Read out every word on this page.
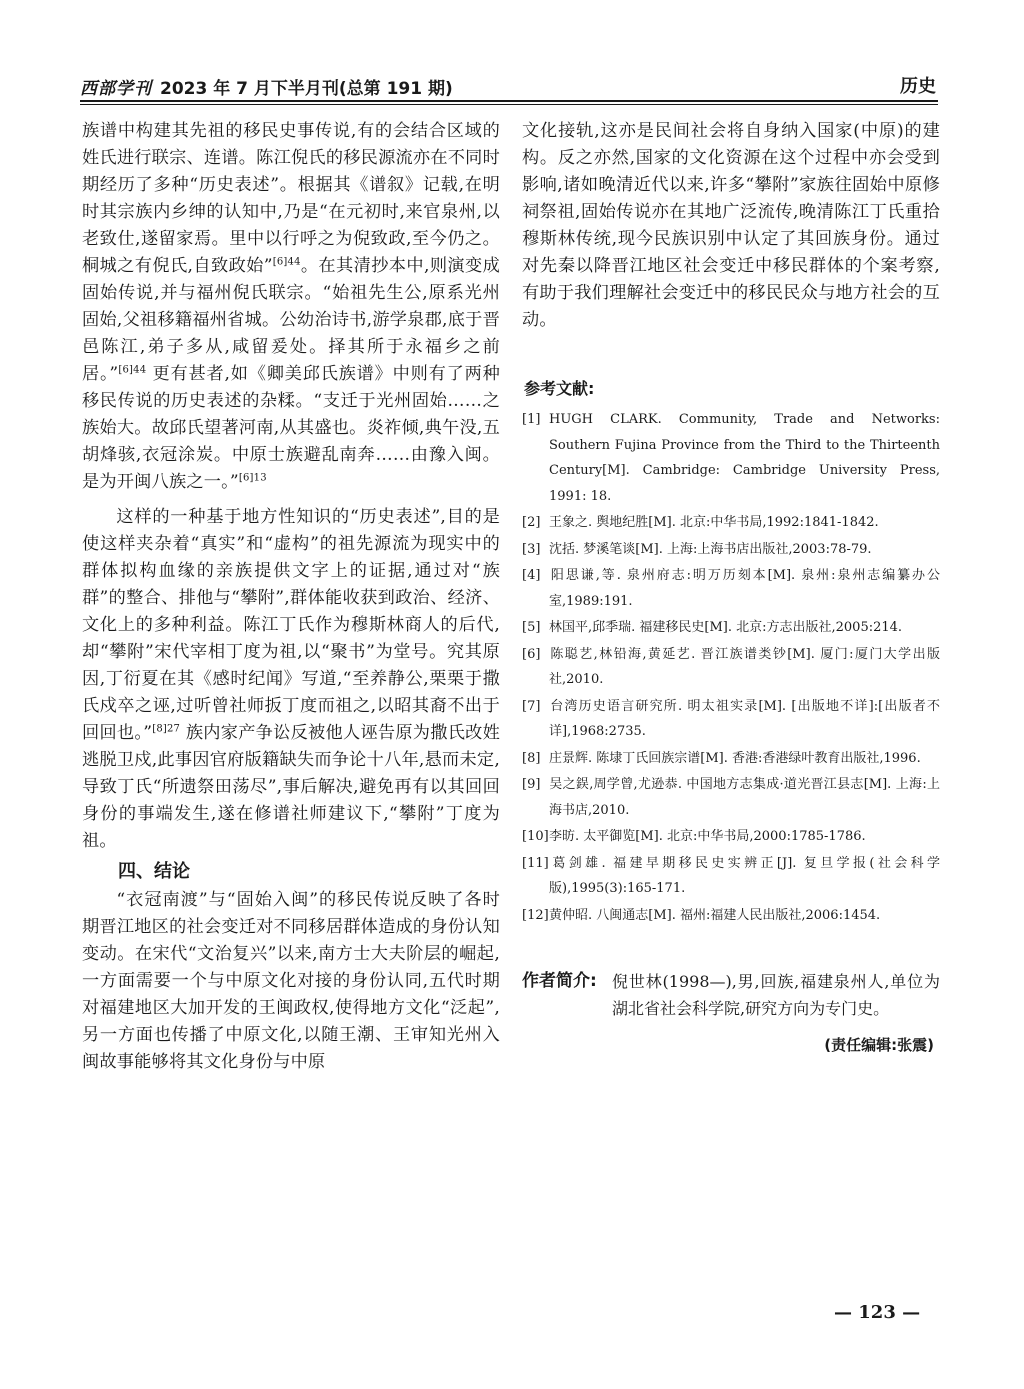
西部学刊 2023 年 7 月下半月刊(总第 191 期)	历史

族谱中构建其先祖的移民史事传说,有的会结合区域的姓氏进行联宗、连谱。陈江倪氏的移民源流亦在不同时期经历了多种“历史表述”。根据其《谱叙》记载,在明时其宗族内乡绅的认知中,乃是“在元初时,来官泉州,以老致仕,遂留家焉。里中以行呼之为倪致政,至今仍之。桐城之有倪氏,自致政始”$^{[6]44}$。在其清抄本中,则演变成固始传说,并与福州倪氏联宗。“始祖先生公,原系光州固始,父祖移籍福州省城。公幼治诗书,游学泉郡,底于晋邑陈江,弟子多从,咸留爰处。择其所于永福乡之前居。”$^{[6]44}$ 更有甚者,如《卿美邱氏族谱》中则有了两种移民传说的历史表述的杂糅。“支迁于光州固始……之族始大。故邱氏望著河南,从其盛也。炎祚倾,典午没,五胡烽骇,衣冠涂炭。中原士族避乱南奔……由豫入闽。是为开闽八族之一。”$^{[6]13}$

这样的一种基于地方性知识的“历史表述”,目的是使这样夹杂着“真实”和“虚构”的祖先源流为现实中的群体拟构血缘的亲族提供文字上的证据,通过对“族群”的整合、排他与“攀附”,群体能收获到政治、经济、文化上的多种利益。陈江丁氏作为穆斯林商人的后代,却“攀附”宋代宰相丁度为祖,以“聚书”为堂号。究其原因,丁衍夏在其《感时纪闻》写道,“至养静公,栗栗于撒氏戍卒之诬,过听曾社师扳丁度而祖之,以昭其裔不出于回回也。”$^{[8]27}$ 族内家产争讼反被他人诬告原为撒氏改姓逃脱卫戍,此事因官府版籍缺失而争论十八年,悬而未定,导致丁氏“所遗祭田荡尽”,事后解决,避免再有以其回回身份的事端发生,遂在修谱社师建议下,“攀附”丁度为祖。

四、结论

“衣冠南渡”与“固始入闽”的移民传说反映了各时期晋江地区的社会变迁对不同移居群体造成的身份认知变动。在宋代“文治复兴”以来,南方士大夫阶层的崛起,一方面需要一个与中原文化对接的身份认同,五代时期对福建地区大加开发的王闽政权,使得地方文化“泛起”,另一方面也传播了中原文化,以随王潮、王审知光州入闽故事能够将其文化身份与中原

文化接轨,这亦是民间社会将自身纳入国家(中原)的建构。反之亦然,国家的文化资源在这个过程中亦会受到影响,诸如晚清近代以来,许多“攀附”家族往固始中原修祠祭祖,固始传说亦在其地广泛流传,晚清陈江丁氏重拾穆斯林传统,现今民族识别中认定了其回族身份。通过对先秦以降晋江地区社会变迁中移民群体的个案考察,有助于我们理解社会变迁中的移民民众与地方社会的互动。

参考文献:
[1] HUGH CLARK. Community, Trade and Networks: Southern Fujina Province from the Third to the Thirteenth Century[M]. Cambridge: Cambridge University Press, 1991: 18.
[2] 王象之. 舆地纪胜[M]. 北京:中华书局,1992:1841-1842.
[3] 沈括. 梦溪笔谈[M]. 上海:上海书店出版社,2003:78-79.
[4] 阳思谦,等. 泉州府志:明万历刻本[M]. 泉州:泉州志编纂办公室,1989:191.
[5] 林国平,邱季瑞. 福建移民史[M]. 北京:方志出版社,2005:214.
[6] 陈聪艺,林铅海,黄延艺. 晋江族谱类钞[M]. 厦门:厦门大学出版社,2010.
[7] 台湾历史语言研究所. 明太祖实录[M]. [出版地不详]:[出版者不详],1968:2735.
[8] 庄景辉. 陈埭丁氏回族宗谱[M]. 香港:香港绿叶教育出版社,1996.
[9] 吴之鋘,周学曾,尤逊恭. 中国地方志集成·道光晋江县志[M]. 上海:上海书店,2010.
[10]李昉. 太平御览[M]. 北京:中华书局,2000:1785-1786.
[11]葛剑雄. 福建早期移民史实辨正[J]. 复旦学报(社会科学版),1995(3):165-171.
[12]黄仲昭. 八闽通志[M]. 福州:福建人民出版社,2006:1454.
作者简介: 倪世林(1998—),男,回族,福建泉州人,单位为湖北省社会科学院,研究方向为专门史。
(责任编辑:张震)
— 123 —
